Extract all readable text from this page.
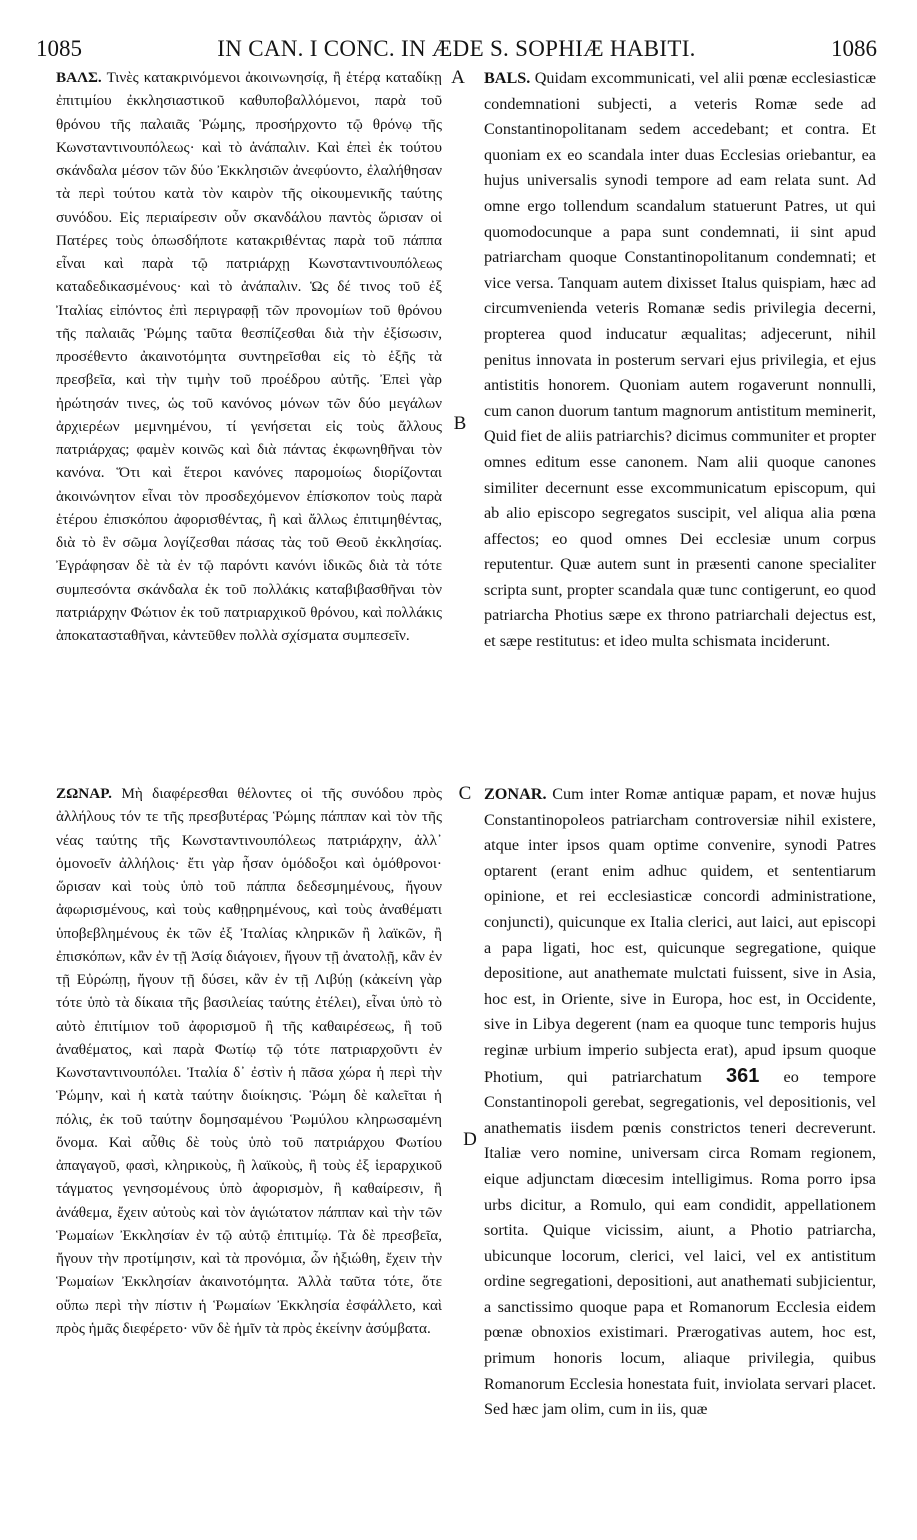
1085	IN CAN. I CONC. IN ÆDE S. SOPHIÆ HABITI.	1086

ΒΑΛΣ. Τινὲς κατακρινόμενοι ἀκοινωνησίᾳ, ἢ ἑτέρᾳ καταδίκῃ ἐπιτιμίου ἐκκλησιαστικοῦ καθυποβαλλόμενοι, παρὰ τοῦ θρόνου τῆς παλαιᾶς Ῥώμης, προσήρχοντο τῷ θρόνῳ τῆς Κωνσταντινουπόλεως· καὶ τὸ ἀνάπαλιν. Καὶ ἐπεὶ ἐκ τούτου σκάνδαλα μέσον τῶν δύο Ἐκκλησιῶν ἀνεφύοντο, ἐλαλήθησαν τὰ περὶ τούτου κατὰ τὸν καιρὸν τῆς οἰκουμενικῆς ταύτης συνόδου. Εἰς περιαίρεσιν οὖν σκανδάλου παντὸς ὥρισαν οἱ Πατέρες τοὺς ὁπωσδήποτε κατακριθέντας παρὰ τοῦ πάππα εἶναι καὶ παρὰ τῷ πατριάρχῃ Κωνσταντινουπόλεως καταδεδικασμένους· καὶ τὸ ἀνάπαλιν. Ὡς δέ τινος τοῦ ἐξ Ἰταλίας εἰπόντος ἐπὶ περιγραφῇ τῶν προνομίων τοῦ θρόνου τῆς παλαιᾶς Ῥώμης ταῦτα θεσπίζεσθαι διὰ τὴν ἐξίσωσιν, προσέθεντο ἀκαινοτόμητα συντηρεῖσθαι εἰς τὸ ἑξῆς τὰ πρεσβεῖα, καὶ τὴν τιμὴν τοῦ προέδρου αὐτῆς. Ἐπεὶ γὰρ ἠρώτησάν τινες, ὡς τοῦ κανόνος μόνων τῶν δύο μεγάλων ἀρχιερέων μεμνημένου, τί γενήσεται εἰς τοὺς ἄλλους πατριάρχας; φαμὲν κοινῶς καὶ διὰ πάντας ἐκφωνηθῆναι τὸν κανόνα. Ὅτι καὶ ἕτεροι κανόνες παρομοίως διορίζονται ἀκοινώνητον εἶναι τὸν προσδεχόμενον ἐπίσκοπον τοὺς παρὰ ἑτέρου ἐπισκόπου ἀφορισθέντας, ἢ καὶ ἄλλως ἐπιτιμηθέντας, διὰ τὸ ἓν σῶμα λογίζεσθαι πάσας τὰς τοῦ Θεοῦ ἐκκλησίας. Ἐγράφησαν δὲ τὰ ἐν τῷ παρόντι κανόνι ἰδικῶς διὰ τὰ τότε συμπεσόντα σκάνδαλα ἐκ τοῦ πολλάκις καταβιβασθῆναι τὸν πατριάρχην Φώτιον ἐκ τοῦ πατριαρχικοῦ θρόνου, καὶ πολλάκις ἀποκατασταθῆναι, κἀντεῦθεν πολλὰ σχίσματα συμπεσεῖν.

ΖΩΝΑΡ. Μὴ διαφέρεσθαι θέλοντες οἱ τῆς συνόδου πρὸς ἀλλήλους τόν τε τῆς πρεσβυτέρας Ῥώμης πάππαν καὶ τὸν τῆς νέας ταύτης τῆς Κωνσταντινουπόλεως πατριάρχην, ἀλλ᾿ ὁμονοεῖν ἀλλήλοις· ἔτι γὰρ ἦσαν ὁμόδοξοι καὶ ὁμόθρονοι· ὥρισαν καὶ τοὺς ὑπὸ τοῦ πάππα δεδεσμημένους, ἤγουν ἀφωρισμένους, καὶ τοὺς καθῃρημένους, καὶ τοὺς ἀναθέματι ὑποβεβλημένους ἐκ τῶν ἐξ Ἰταλίας κληρικῶν ἢ λαϊκῶν, ἢ ἐπισκόπων, κἂν ἐν τῇ Ἀσίᾳ διάγοιεν, ἤγουν τῇ ἀνατολῇ, κἂν ἐν τῇ Εὐρώπῃ, ἤγουν τῇ δύσει, κἂν ἐν τῇ Λιβύῃ (κἀκείνη γὰρ τότε ὑπὸ τὰ δίκαια τῆς βασιλείας ταύτης ἐτέλει), εἶναι ὑπὸ τὸ αὐτὸ ἐπιτίμιον τοῦ ἀφορισμοῦ ἢ τῆς καθαιρέσεως, ἢ τοῦ ἀναθέματος, καὶ παρὰ Φωτίῳ τῷ τότε πατριαρχοῦντι ἐν Κωνσταντινουπόλει. Ἰταλία δ᾿ ἐστὶν ἡ πᾶσα χώρα ἡ περὶ τὴν Ῥώμην, καὶ ἡ κατὰ ταύτην διοίκησις. Ῥώμη δὲ καλεῖται ἡ πόλις, ἐκ τοῦ ταύτην δομησαμένου Ῥωμύλου κληρωσαμένη ὄνομα. Καὶ αὖθις δὲ τοὺς ὑπὸ τοῦ πατριάρχου Φωτίου ἀπαγαγοῦ, φασὶ, κληρικοὺς, ἢ λαϊκοὺς, ἢ τοὺς ἐξ ἱεραρχικοῦ τάγματος γενησομένους ὑπὸ ἀφορισμὸν, ἢ καθαίρεσιν, ἢ ἀνάθεμα, ἔχειν αὐτοὺς καὶ τὸν ἁγιώτατον πάππαν καὶ τὴν τῶν Ῥωμαίων Ἐκκλησίαν ἐν τῷ αὐτῷ ἐπιτιμίῳ. Τὰ δὲ πρεσβεῖα, ἤγουν τὴν προτίμησιν, καὶ τὰ προνόμια, ὧν ἠξιώθη, ἔχειν τὴν Ῥωμαίων Ἐκκλησίαν ἀκαινοτόμητα. Ἀλλὰ ταῦτα τότε, ὅτε οὔπω περὶ τὴν πίστιν ἡ Ῥωμαίων Ἐκκλησία ἐσφάλλετο, καὶ πρὸς ἡμᾶς διεφέρετο· νῦν δὲ ἡμῖν τὰ πρὸς ἐκείνην ἀσύμβατα.

BALS. Quidam excommunicati, vel alii pœnæ ecclesiasticæ condemnationi subjecti, a veteris Romæ sede ad Constantinopolitanam sedem accedebant; et contra. Et quoniam ex eo scandala inter duas Ecclesias oriebantur, ea hujus universalis synodi tempore ad eam relata sunt. Ad omne ergo tollendum scandalum statuerunt Patres, ut qui quomodocunque a papa sunt condemnati, ii sint apud patriarcham quoque Constantinopolitanum condemnati; et vice versa. Tanquam autem dixisset Italus quispiam, hæc ad circumvenienda veteris Romanæ sedis privilegia decerni, propterea quod inducatur æqualitas; adjecerunt, nihil penitus innovata in posterum servari ejus privilegia, et ejus antistitis honorem. Quoniam autem rogaverunt nonnulli, cum canon duorum tantum magnorum antistitum meminerit, Quid fiet de aliis patriarchis? dicimus communiter et propter omnes editum esse canonem. Nam alii quoque canones similiter decernunt esse excommunicatum episcopum, qui ab alio episcopo segregatos suscipit, vel aliqua alia pœna affectos; eo quod omnes Dei ecclesiæ unum corpus reputentur. Quæ autem sunt in præsenti canone specialiter scripta sunt, propter scandala quæ tunc contigerunt, eo quod patriarcha Photius sæpe ex throno patriarchali dejectus est, et sæpe restitutus: et ideo multa schismata inciderunt.

ZONAR. Cum inter Romæ antiquæ papam, et novæ hujus Constantinopoleos patriarcham controversiæ nihil existere, atque inter ipsos quam optime convenire, synodi Patres optarent (erant enim adhuc quidem, et sententiarum opinione, et rei ecclesiasticæ concordi administratione, conjuncti), quicunque ex Italia clerici, aut laici, aut episcopi a papa ligati, hoc est, quicunque segregatione, quique depositione, aut anathemate mulctati fuissent, sive in Asia, hoc est, in Oriente, sive in Europa, hoc est, in Occidente, sive in Libya degerent (nam ea quoque tunc temporis hujus reginæ urbium imperio subjecta erat), apud ipsum quoque Photium, qui patriarchatum 361 eo tempore Constantinopoli gerebat, segregationis, vel depositionis, vel anathematis iisdem pœnis constrictos teneri decreverunt. Italiæ vero nomine, universam circa Romam regionem, eique adjunctam diœcesim intelligimus. Roma porro ipsa urbs dicitur, a Romulo, qui eam condidit, appellationem sortita. Quique vicissim, aiunt, a Photio patriarcha, ubicunque locorum, clerici, vel laici, vel ex antistitum ordine segregationi, depositioni, aut anathemati subjicientur, a sanctissimo quoque papa et Romanorum Ecclesia eidem pœnæ obnoxios existimari. Prærogativas autem, hoc est, primum honoris locum, aliaque privilegia, quibus Romanorum Ecclesia honestata fuit, inviolata servari placet. Sed hæc jam olim, cum in iis, quæ

A
B
C
D
